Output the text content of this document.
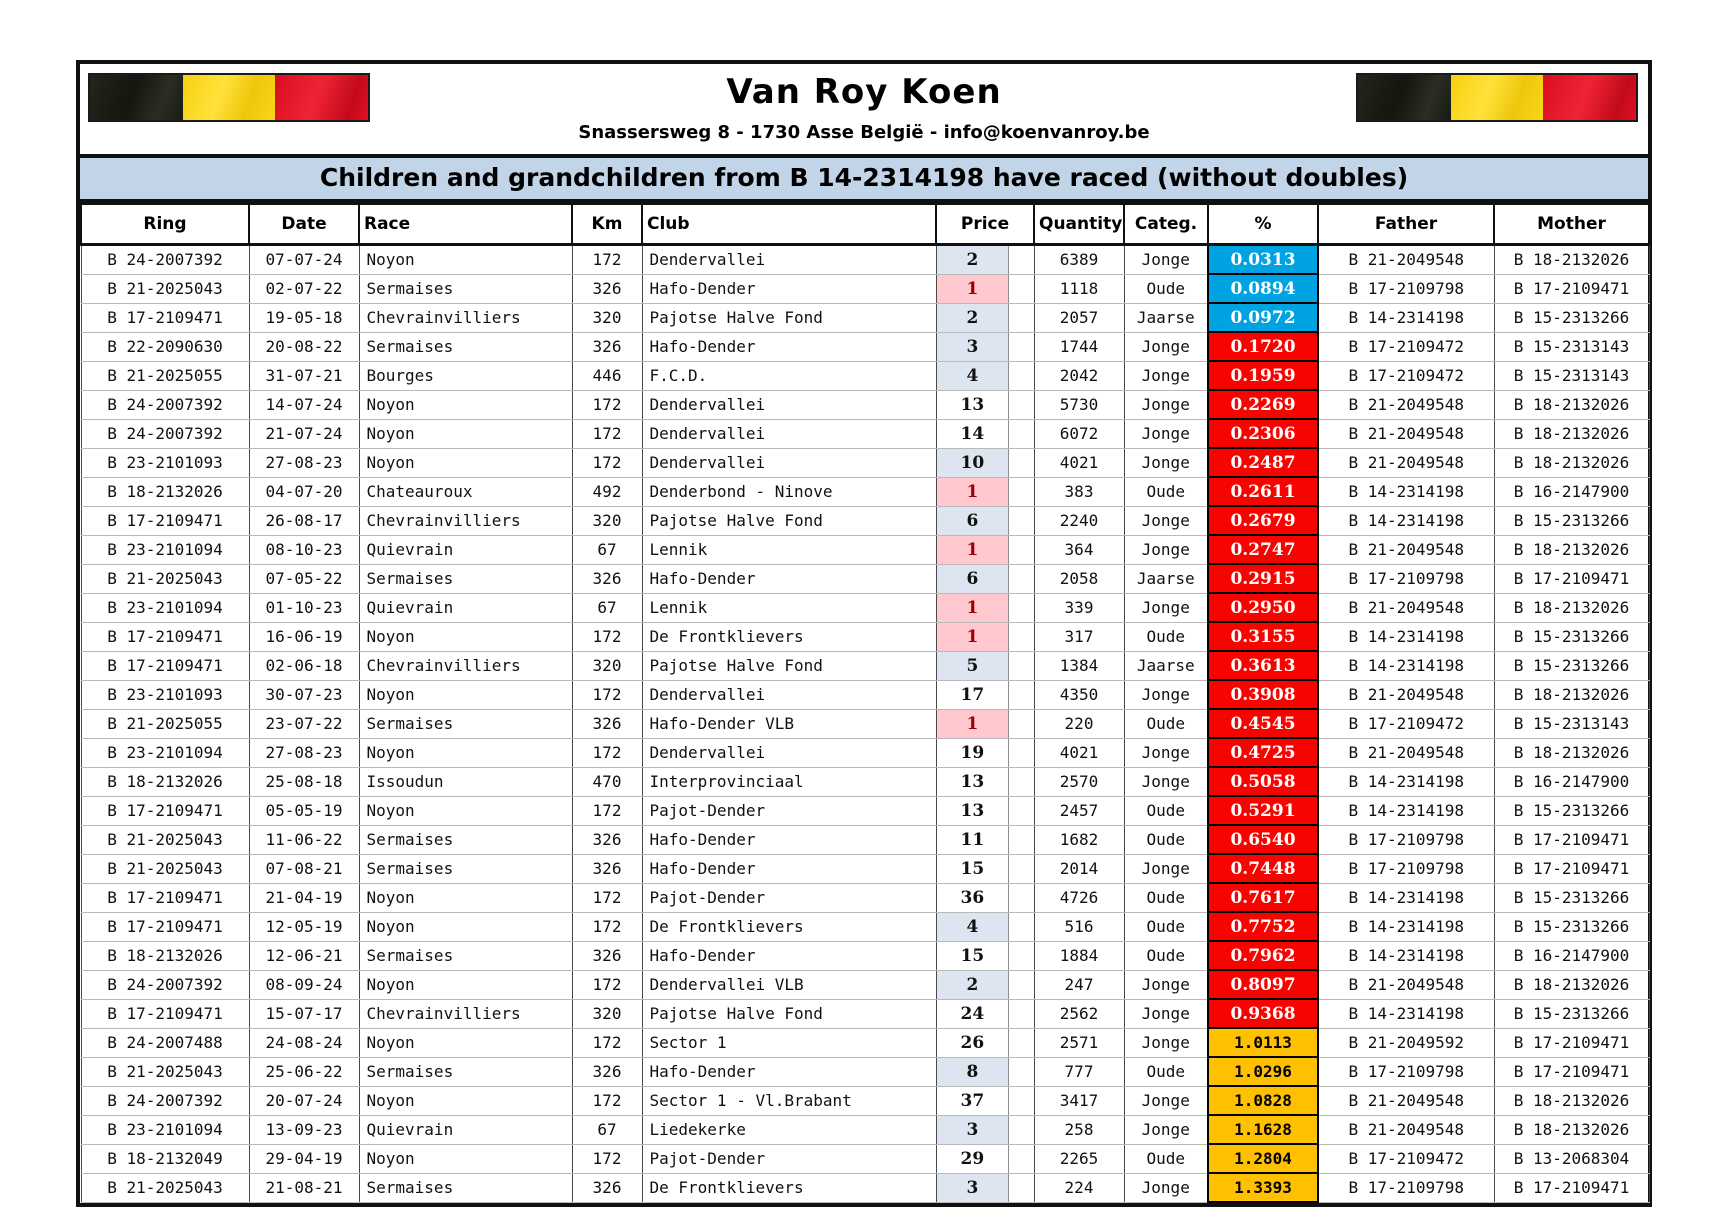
Van Roy Koen
Snassersweg 8 - 1730 Asse België - info@koenvanroy.be
Children and grandchildren from B 14-2314198 have raced (without doubles)
Ring	Date	Race	Km	Club	Price	Quantity	Categ.	%	Father	Mother
B 24-2007392	07-07-24	Noyon	172	Dendervallei	2	6389	Jonge	0.0313	B 21-2049548	B 18-2132026
B 21-2025043	02-07-22	Sermaises	326	Hafo-Dender	1	1118	Oude	0.0894	B 17-2109798	B 17-2109471
B 17-2109471	19-05-18	Chevrainvilliers	320	Pajotse Halve Fond	2	2057	Jaarse	0.0972	B 14-2314198	B 15-2313266
B 22-2090630	20-08-22	Sermaises	326	Hafo-Dender	3	1744	Jonge	0.1720	B 17-2109472	B 15-2313143
B 21-2025055	31-07-21	Bourges	446	F.C.D.	4	2042	Jonge	0.1959	B 17-2109472	B 15-2313143
B 24-2007392	14-07-24	Noyon	172	Dendervallei	13	5730	Jonge	0.2269	B 21-2049548	B 18-2132026
B 24-2007392	21-07-24	Noyon	172	Dendervallei	14	6072	Jonge	0.2306	B 21-2049548	B 18-2132026
B 23-2101093	27-08-23	Noyon	172	Dendervallei	10	4021	Jonge	0.2487	B 21-2049548	B 18-2132026
B 18-2132026	04-07-20	Chateauroux	492	Denderbond - Ninove	1	383	Oude	0.2611	B 14-2314198	B 16-2147900
B 17-2109471	26-08-17	Chevrainvilliers	320	Pajotse Halve Fond	6	2240	Jonge	0.2679	B 14-2314198	B 15-2313266
B 23-2101094	08-10-23	Quievrain	67	Lennik	1	364	Jonge	0.2747	B 21-2049548	B 18-2132026
B 21-2025043	07-05-22	Sermaises	326	Hafo-Dender	6	2058	Jaarse	0.2915	B 17-2109798	B 17-2109471
B 23-2101094	01-10-23	Quievrain	67	Lennik	1	339	Jonge	0.2950	B 21-2049548	B 18-2132026
B 17-2109471	16-06-19	Noyon	172	De Frontklievers	1	317	Oude	0.3155	B 14-2314198	B 15-2313266
B 17-2109471	02-06-18	Chevrainvilliers	320	Pajotse Halve Fond	5	1384	Jaarse	0.3613	B 14-2314198	B 15-2313266
B 23-2101093	30-07-23	Noyon	172	Dendervallei	17	4350	Jonge	0.3908	B 21-2049548	B 18-2132026
B 21-2025055	23-07-22	Sermaises	326	Hafo-Dender VLB	1	220	Oude	0.4545	B 17-2109472	B 15-2313143
B 23-2101094	27-08-23	Noyon	172	Dendervallei	19	4021	Jonge	0.4725	B 21-2049548	B 18-2132026
B 18-2132026	25-08-18	Issoudun	470	Interprovinciaal	13	2570	Jonge	0.5058	B 14-2314198	B 16-2147900
B 17-2109471	05-05-19	Noyon	172	Pajot-Dender	13	2457	Oude	0.5291	B 14-2314198	B 15-2313266
B 21-2025043	11-06-22	Sermaises	326	Hafo-Dender	11	1682	Oude	0.6540	B 17-2109798	B 17-2109471
B 21-2025043	07-08-21	Sermaises	326	Hafo-Dender	15	2014	Jonge	0.7448	B 17-2109798	B 17-2109471
B 17-2109471	21-04-19	Noyon	172	Pajot-Dender	36	4726	Oude	0.7617	B 14-2314198	B 15-2313266
B 17-2109471	12-05-19	Noyon	172	De Frontklievers	4	516	Oude	0.7752	B 14-2314198	B 15-2313266
B 18-2132026	12-06-21	Sermaises	326	Hafo-Dender	15	1884	Oude	0.7962	B 14-2314198	B 16-2147900
B 24-2007392	08-09-24	Noyon	172	Dendervallei VLB	2	247	Jonge	0.8097	B 21-2049548	B 18-2132026
B 17-2109471	15-07-17	Chevrainvilliers	320	Pajotse Halve Fond	24	2562	Jonge	0.9368	B 14-2314198	B 15-2313266
B 24-2007488	24-08-24	Noyon	172	Sector 1	26	2571	Jonge	1.0113	B 21-2049592	B 17-2109471
B 21-2025043	25-06-22	Sermaises	326	Hafo-Dender	8	777	Oude	1.0296	B 17-2109798	B 17-2109471
B 24-2007392	20-07-24	Noyon	172	Sector 1 - Vl.Brabant	37	3417	Jonge	1.0828	B 21-2049548	B 18-2132026
B 23-2101094	13-09-23	Quievrain	67	Liedekerke	3	258	Jonge	1.1628	B 21-2049548	B 18-2132026
B 18-2132049	29-04-19	Noyon	172	Pajot-Dender	29	2265	Oude	1.2804	B 17-2109472	B 13-2068304
B 21-2025043	21-08-21	Sermaises	326	De Frontklievers	3	224	Jonge	1.3393	B 17-2109798	B 17-2109471
